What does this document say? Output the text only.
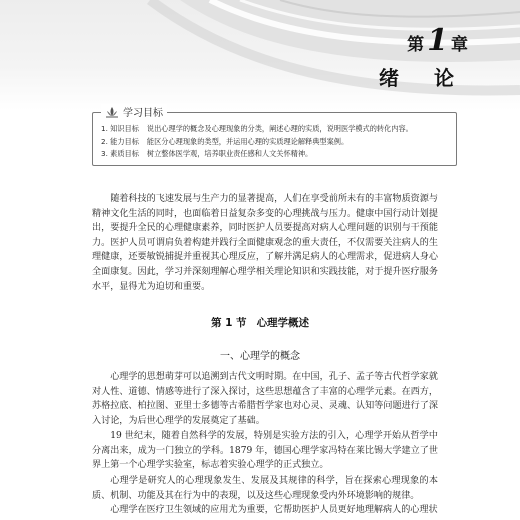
第 1 章
绪 论
学习目标
1. 知识目标 说出心理学的概念及心理现象的分类，阐述心理的实质，说明医学模式的转化内容。
2. 能力目标 能区分心理现象的类型，并运用心理的实质理论解释典型案例。
3. 素质目标 树立整体医学观，培养职业责任感和人文关怀精神。

随着科技的飞速发展与生产力的显著提高，人们在享受前所未有的丰富物质资源与精神文化生活的同时，也面临着日益复杂多变的心理挑战与压力。健康中国行动计划提出，要提升全民的心理健康素养，同时医护人员要提高对病人心理问题的识别与干预能力。医护人员可谓肩负着构建并践行全面健康观念的重大责任，不仅需要关注病人的生理健康，还要敏锐捕捉并重视其心理反应，了解并满足病人的心理需求，促进病人身心全面康复。因此，学习并深刻理解心理学相关理论知识和实践技能，对于提升医疗服务水平，显得尤为迫切和重要。

第 1 节 心理学概述
一、心理学的概念

心理学的思想萌芽可以追溯到古代文明时期。在中国，孔子、孟子等古代哲学家就对人性、道德、情感等进行了深入探讨，这些思想蕴含了丰富的心理学元素。在西方，苏格拉底、柏拉图、亚里士多德等古希腊哲学家也对心灵、灵魂、认知等问题进行了深入讨论，为后世心理学的发展奠定了基础。

19 世纪末，随着自然科学的发展，特别是实验方法的引入，心理学开始从哲学中分离出来，成为一门独立的学科。1879 年，德国心理学家冯特在莱比锡大学建立了世界上第一个心理学实验室，标志着实验心理学的正式独立。

心理学是研究人的心理现象发生、发展及其规律的科学，旨在探索心理现象的本质、机制、功能及其在行为中的表现，以及这些心理现象受内外环境影响的规律。

心理学在医疗卫生领域的应用尤为重要，它帮助医护人员更好地理解病人的心理状
